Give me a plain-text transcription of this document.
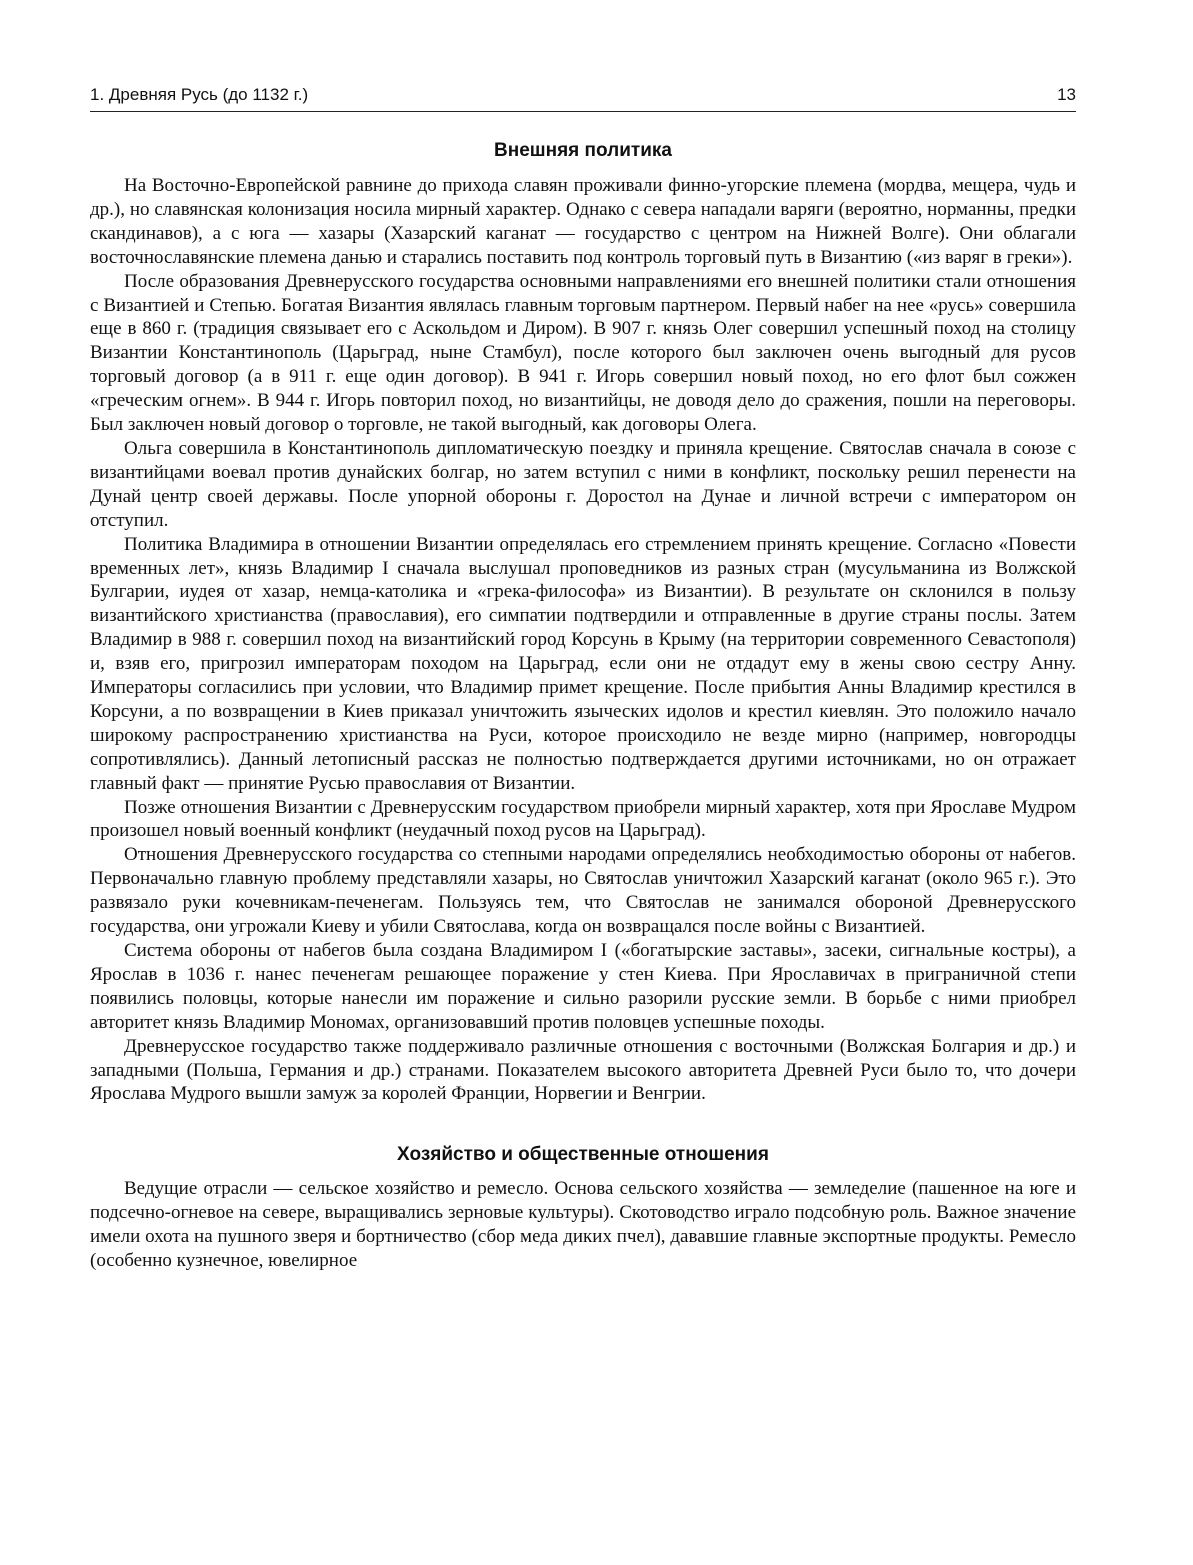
1. Древняя Русь (до 1132 г.)	13
Внешняя политика

На Восточно-Европейской равнине до прихода славян проживали финно-угорские племена (мордва, мещера, чудь и др.), но славянская колонизация носила мирный характер. Однако с севера нападали варяги (вероятно, норманны, предки скандинавов), а с юга — хазары (Хазарский каганат — государство с центром на Нижней Волге). Они облагали восточнославянские племена данью и старались поставить под контроль торговый путь в Византию («из варяг в греки»).

После образования Древнерусского государства основными направлениями его внешней политики стали отношения с Византией и Степью. Богатая Византия являлась главным торговым партнером. Первый набег на нее «русь» совершила еще в 860 г. (традиция связывает его с Аскольдом и Диром). В 907 г. князь Олег совершил успешный поход на столицу Византии Константинополь (Царьград, ныне Стамбул), после которого был заключен очень выгодный для русов торговый договор (а в 911 г. еще один договор). В 941 г. Игорь совершил новый поход, но его флот был сожжен «греческим огнем». В 944 г. Игорь повторил поход, но византийцы, не доводя дело до сражения, пошли на переговоры. Был заключен новый договор о торговле, не такой выгодный, как договоры Олега.

Ольга совершила в Константинополь дипломатическую поездку и приняла крещение. Святослав сначала в союзе с византийцами воевал против дунайских болгар, но затем вступил с ними в конфликт, поскольку решил перенести на Дунай центр своей державы. После упорной обороны г. Доростол на Дунае и личной встречи с императором он отступил.

Политика Владимира в отношении Византии определялась его стремлением принять крещение. Согласно «Повести временных лет», князь Владимир I сначала выслушал проповедников из разных стран (мусульманина из Волжской Булгарии, иудея от хазар, немца-католика и «грека-философа» из Византии). В результате он склонился в пользу византийского христианства (православия), его симпатии подтвердили и отправленные в другие страны послы. Затем Владимир в 988 г. совершил поход на византийский город Корсунь в Крыму (на территории современного Севастополя) и, взяв его, пригрозил императорам походом на Царьград, если они не отдадут ему в жены свою сестру Анну. Императоры согласились при условии, что Владимир примет крещение. После прибытия Анны Владимир крестился в Корсуни, а по возвращении в Киев приказал уничтожить языческих идолов и крестил киевлян. Это положило начало широкому распространению христианства на Руси, которое происходило не везде мирно (например, новгородцы сопротивлялись). Данный летописный рассказ не полностью подтверждается другими источниками, но он отражает главный факт — принятие Русью православия от Византии.

Позже отношения Византии с Древнерусским государством приобрели мирный характер, хотя при Ярославе Мудром произошел новый военный конфликт (неудачный поход русов на Царьград).

Отношения Древнерусского государства со степными народами определялись необходимостью обороны от набегов. Первоначально главную проблему представляли хазары, но Святослав уничтожил Хазарский каганат (около 965 г.). Это развязало руки кочевникам-печенегам. Пользуясь тем, что Святослав не занимался обороной Древнерусского государства, они угрожали Киеву и убили Святослава, когда он возвращался после войны с Византией.

Система обороны от набегов была создана Владимиром I («богатырские заставы», засеки, сигнальные костры), а Ярослав в 1036 г. нанес печенегам решающее поражение у стен Киева. При Ярославичах в приграничной степи появились половцы, которые нанесли им поражение и сильно разорили русские земли. В борьбе с ними приобрел авторитет князь Владимир Мономах, организовавший против половцев успешные походы.

Древнерусское государство также поддерживало различные отношения с восточными (Волжская Болгария и др.) и западными (Польша, Германия и др.) странами. Показателем высокого авторитета Древней Руси было то, что дочери Ярослава Мудрого вышли замуж за королей Франции, Норвегии и Венгрии.

Хозяйство и общественные отношения

Ведущие отрасли — сельское хозяйство и ремесло. Основа сельского хозяйства — земледелие (пашенное на юге и подсечно-огневое на севере, выращивались зерновые культуры). Скотоводство играло подсобную роль. Важное значение имели охота на пушного зверя и бортничество (сбор меда диких пчел), дававшие главные экспортные продукты. Ремесло (особенно кузнечное, ювелирное
